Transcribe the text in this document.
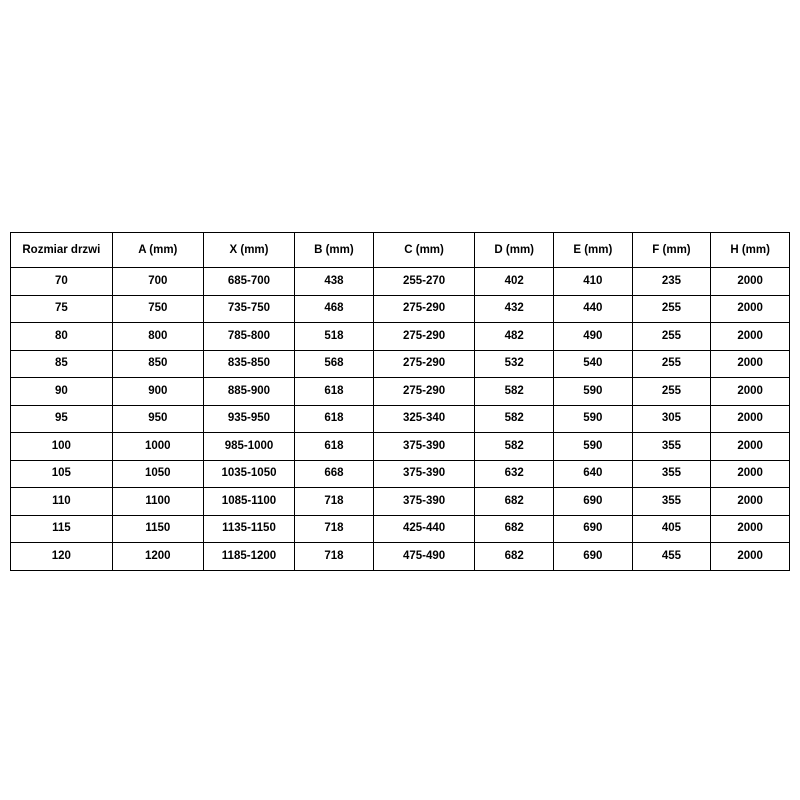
Rozmiar drzwi	A (mm)	X (mm)	B (mm)	C (mm)	D (mm)	E (mm)	F (mm)	H (mm)
70	700	685-700	438	255-270	402	410	235	2000
75	750	735-750	468	275-290	432	440	255	2000
80	800	785-800	518	275-290	482	490	255	2000
85	850	835-850	568	275-290	532	540	255	2000
90	900	885-900	618	275-290	582	590	255	2000
95	950	935-950	618	325-340	582	590	305	2000
100	1000	985-1000	618	375-390	582	590	355	2000
105	1050	1035-1050	668	375-390	632	640	355	2000
110	1100	1085-1100	718	375-390	682	690	355	2000
115	1150	1135-1150	718	425-440	682	690	405	2000
120	1200	1185-1200	718	475-490	682	690	455	2000
